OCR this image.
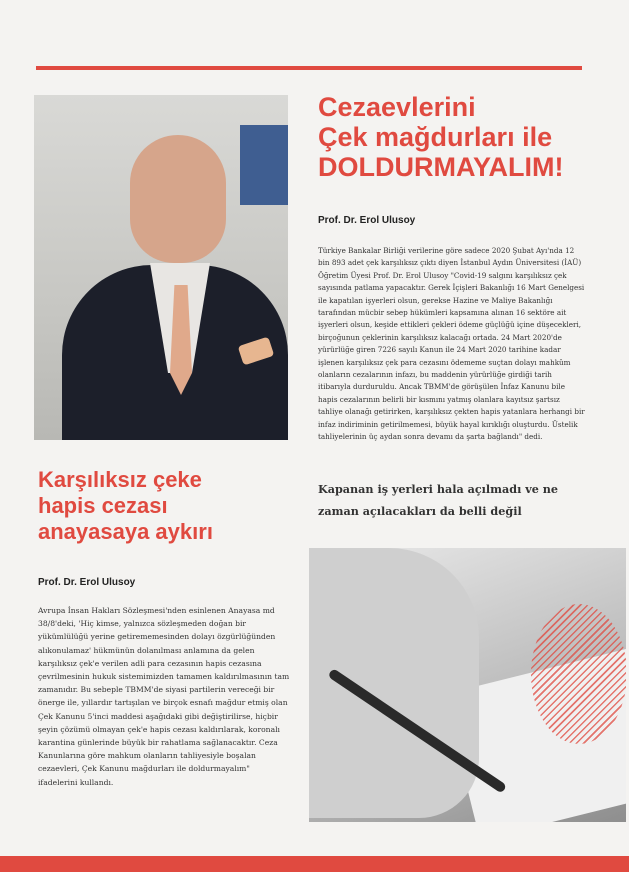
Cezaevlerini
Çek mağdurları ile
DOLDURMAYALIM!

Prof. Dr. Erol Ulusoy

Türkiye Bankalar Birliği verilerine göre sadece 2020 Şubat Ayı'nda 12 bin 893 adet çek karşılıksız çıktı diyen İstanbul Aydın Üniversitesi (İAÜ) Öğretim Üyesi Prof. Dr. Erol Ulusoy "Covid-19 salgını karşılıksız çek sayısında patlama yapacaktır. Gerek İçişleri Bakanlığı 16 Mart Genelgesi ile kapatılan işyerleri olsun, gerekse Hazine ve Maliye Bakanlığı tarafından mücbir sebep hükümleri kapsamına alınan 16 sektöre ait işyerleri olsun, keşide ettikleri çekleri ödeme güçlüğü içine düşecekleri, birçoğunun çeklerinin karşılıksız kalacağı ortada. 24 Mart 2020'de yürürlüğe giren 7226 sayılı Kanun ile 24 Mart 2020 tarihine kadar işlenen karşılıksız çek para cezasını ödememe suçtan dolayı mahkûm olanların cezalarının infazı, bu maddenin yürürlüğe girdiği tarih itibarıyla durduruldu. Ancak TBMM'de görüşülen İnfaz Kanunu bile hapis cezalarının belirli bir kısmını yatmış olanlara kayıtsız şartsız tahliye olanağı getirirken, karşılıksız çekten hapis yatanlara herhangi bir infaz indiriminin getirilmemesi, büyük hayal kırıklığı oluşturdu. Üstelik tahliyelerinin üç aydan sonra devamı da şarta bağlandı" dedi.

Kapanan iş yerleri hala açılmadı ve ne zaman açılacakları da belli değil

Karşılıksız çeke
hapis cezası
anayasaya aykırı

Prof. Dr. Erol Ulusoy

Avrupa İnsan Hakları Sözleşmesi'nden esinlenen Anayasa md 38/8'deki, 'Hiç kimse, yalnızca sözleşmeden doğan bir yükümlülüğü yerine getirememesinden dolayı özgürlüğünden alıkonulamaz' hükmünün dolanılması anlamına da gelen karşılıksız çek'e verilen adli para cezasının hapis cezasına çevrilmesinin hukuk sistemimizden tamamen kaldırılmasının tam zamanıdır. Bu sebeple TBMM'de siyasi partilerin vereceği bir önerge ile, yıllardır tartışılan ve birçok esnafı mağdur etmiş olan Çek Kanunu 5'inci maddesi aşağıdaki gibi değiştirilirse, hiçbir şeyin çözümü olmayan çek'e hapis cezası kaldırılarak, koronalı karantina günlerinde büyük bir rahatlama sağlanacaktır. Ceza Kanunlarına göre mahkum olanların tahliyesiyle boşalan cezaevleri, Çek Kanunu mağdurları ile doldurmayalım" ifadelerini kullandı.
